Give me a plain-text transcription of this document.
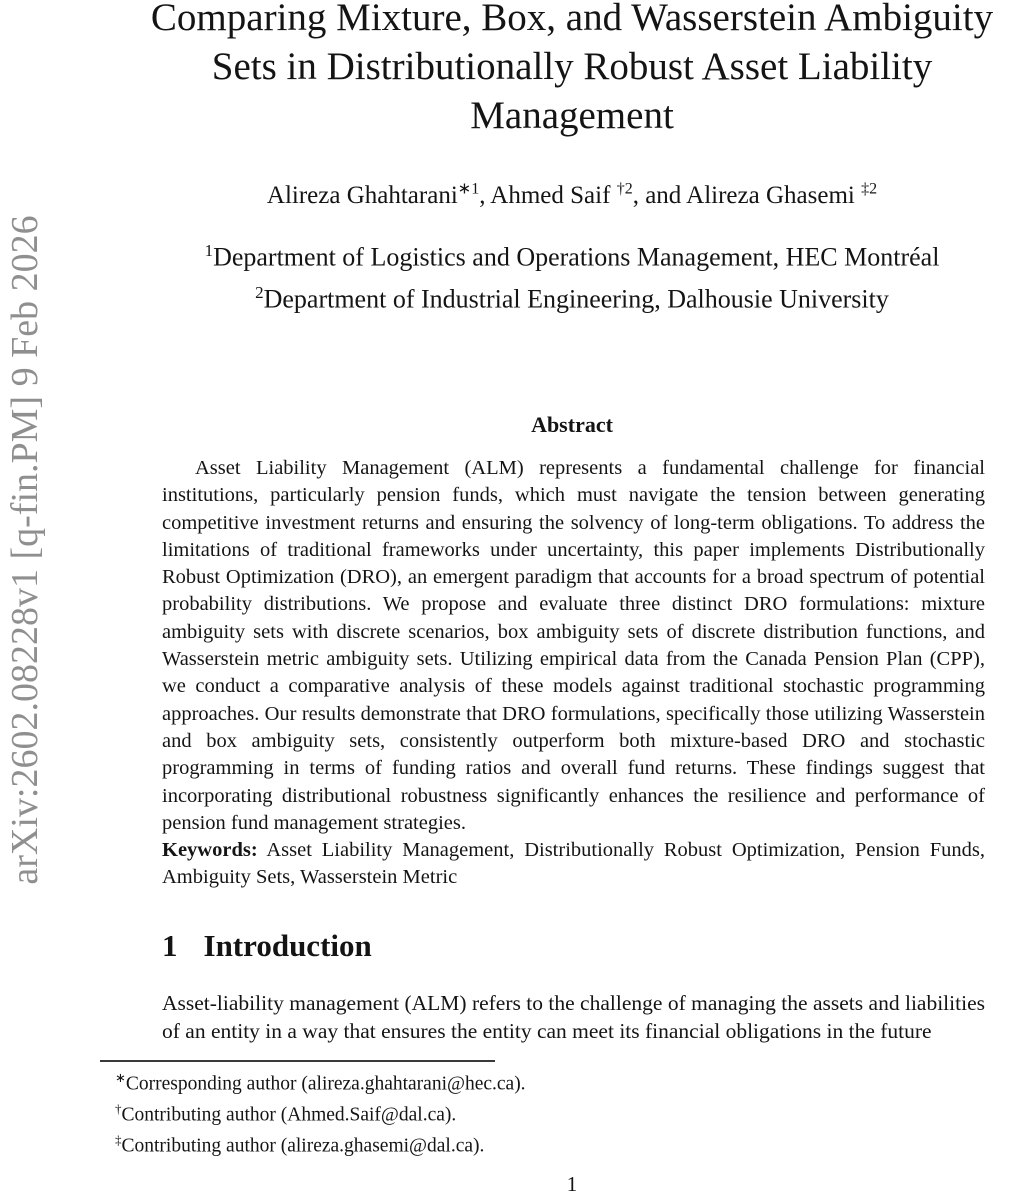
arXiv:2602.08228v1 [q-fin.PM] 9 Feb 2026
Comparing Mixture, Box, and Wasserstein Ambiguity
Sets in Distributionally Robust Asset Liability
Management
Alireza Ghahtarani$^{∗1}$, Ahmed Saif $^{\dagger 2}$, and Alireza Ghasemi $^{\ddagger 2}$
$^1$Department of Logistics and Operations Management, HEC Montréal
$^2$Department of Industrial Engineering, Dalhousie University
Abstract

Asset Liability Management (ALM) represents a fundamental challenge for financial institutions, particularly pension funds, which must navigate the tension between generating competitive investment returns and ensuring the solvency of long-term obligations. To address the limitations of traditional frameworks under uncertainty, this paper implements Distributionally Robust Optimization (DRO), an emergent paradigm that accounts for a broad spectrum of potential probability distributions. We propose and evaluate three distinct DRO formulations: mixture ambiguity sets with discrete scenarios, box ambiguity sets of discrete distribution functions, and Wasserstein metric ambiguity sets. Utilizing empirical data from the Canada Pension Plan (CPP), we conduct a comparative analysis of these models against traditional stochastic programming approaches. Our results demonstrate that DRO formulations, specifically those utilizing Wasserstein and box ambiguity sets, consistently outperform both mixture-based DRO and stochastic programming in terms of funding ratios and overall fund returns. These findings suggest that incorporating distributional robustness significantly enhances the resilience and performance of pension fund management strategies.

Keywords: Asset Liability Management, Distributionally Robust Optimization, Pension Funds, Ambiguity Sets, Wasserstein Metric

1 Introduction

Asset-liability management (ALM) refers to the challenge of managing the assets and liabilities of an entity in a way that ensures the entity can meet its financial obligations in the future

∗Corresponding author (alireza.ghahtarani@hec.ca).

†Contributing author (Ahmed.Saif@dal.ca).

‡Contributing author (alireza.ghasemi@dal.ca).

1
